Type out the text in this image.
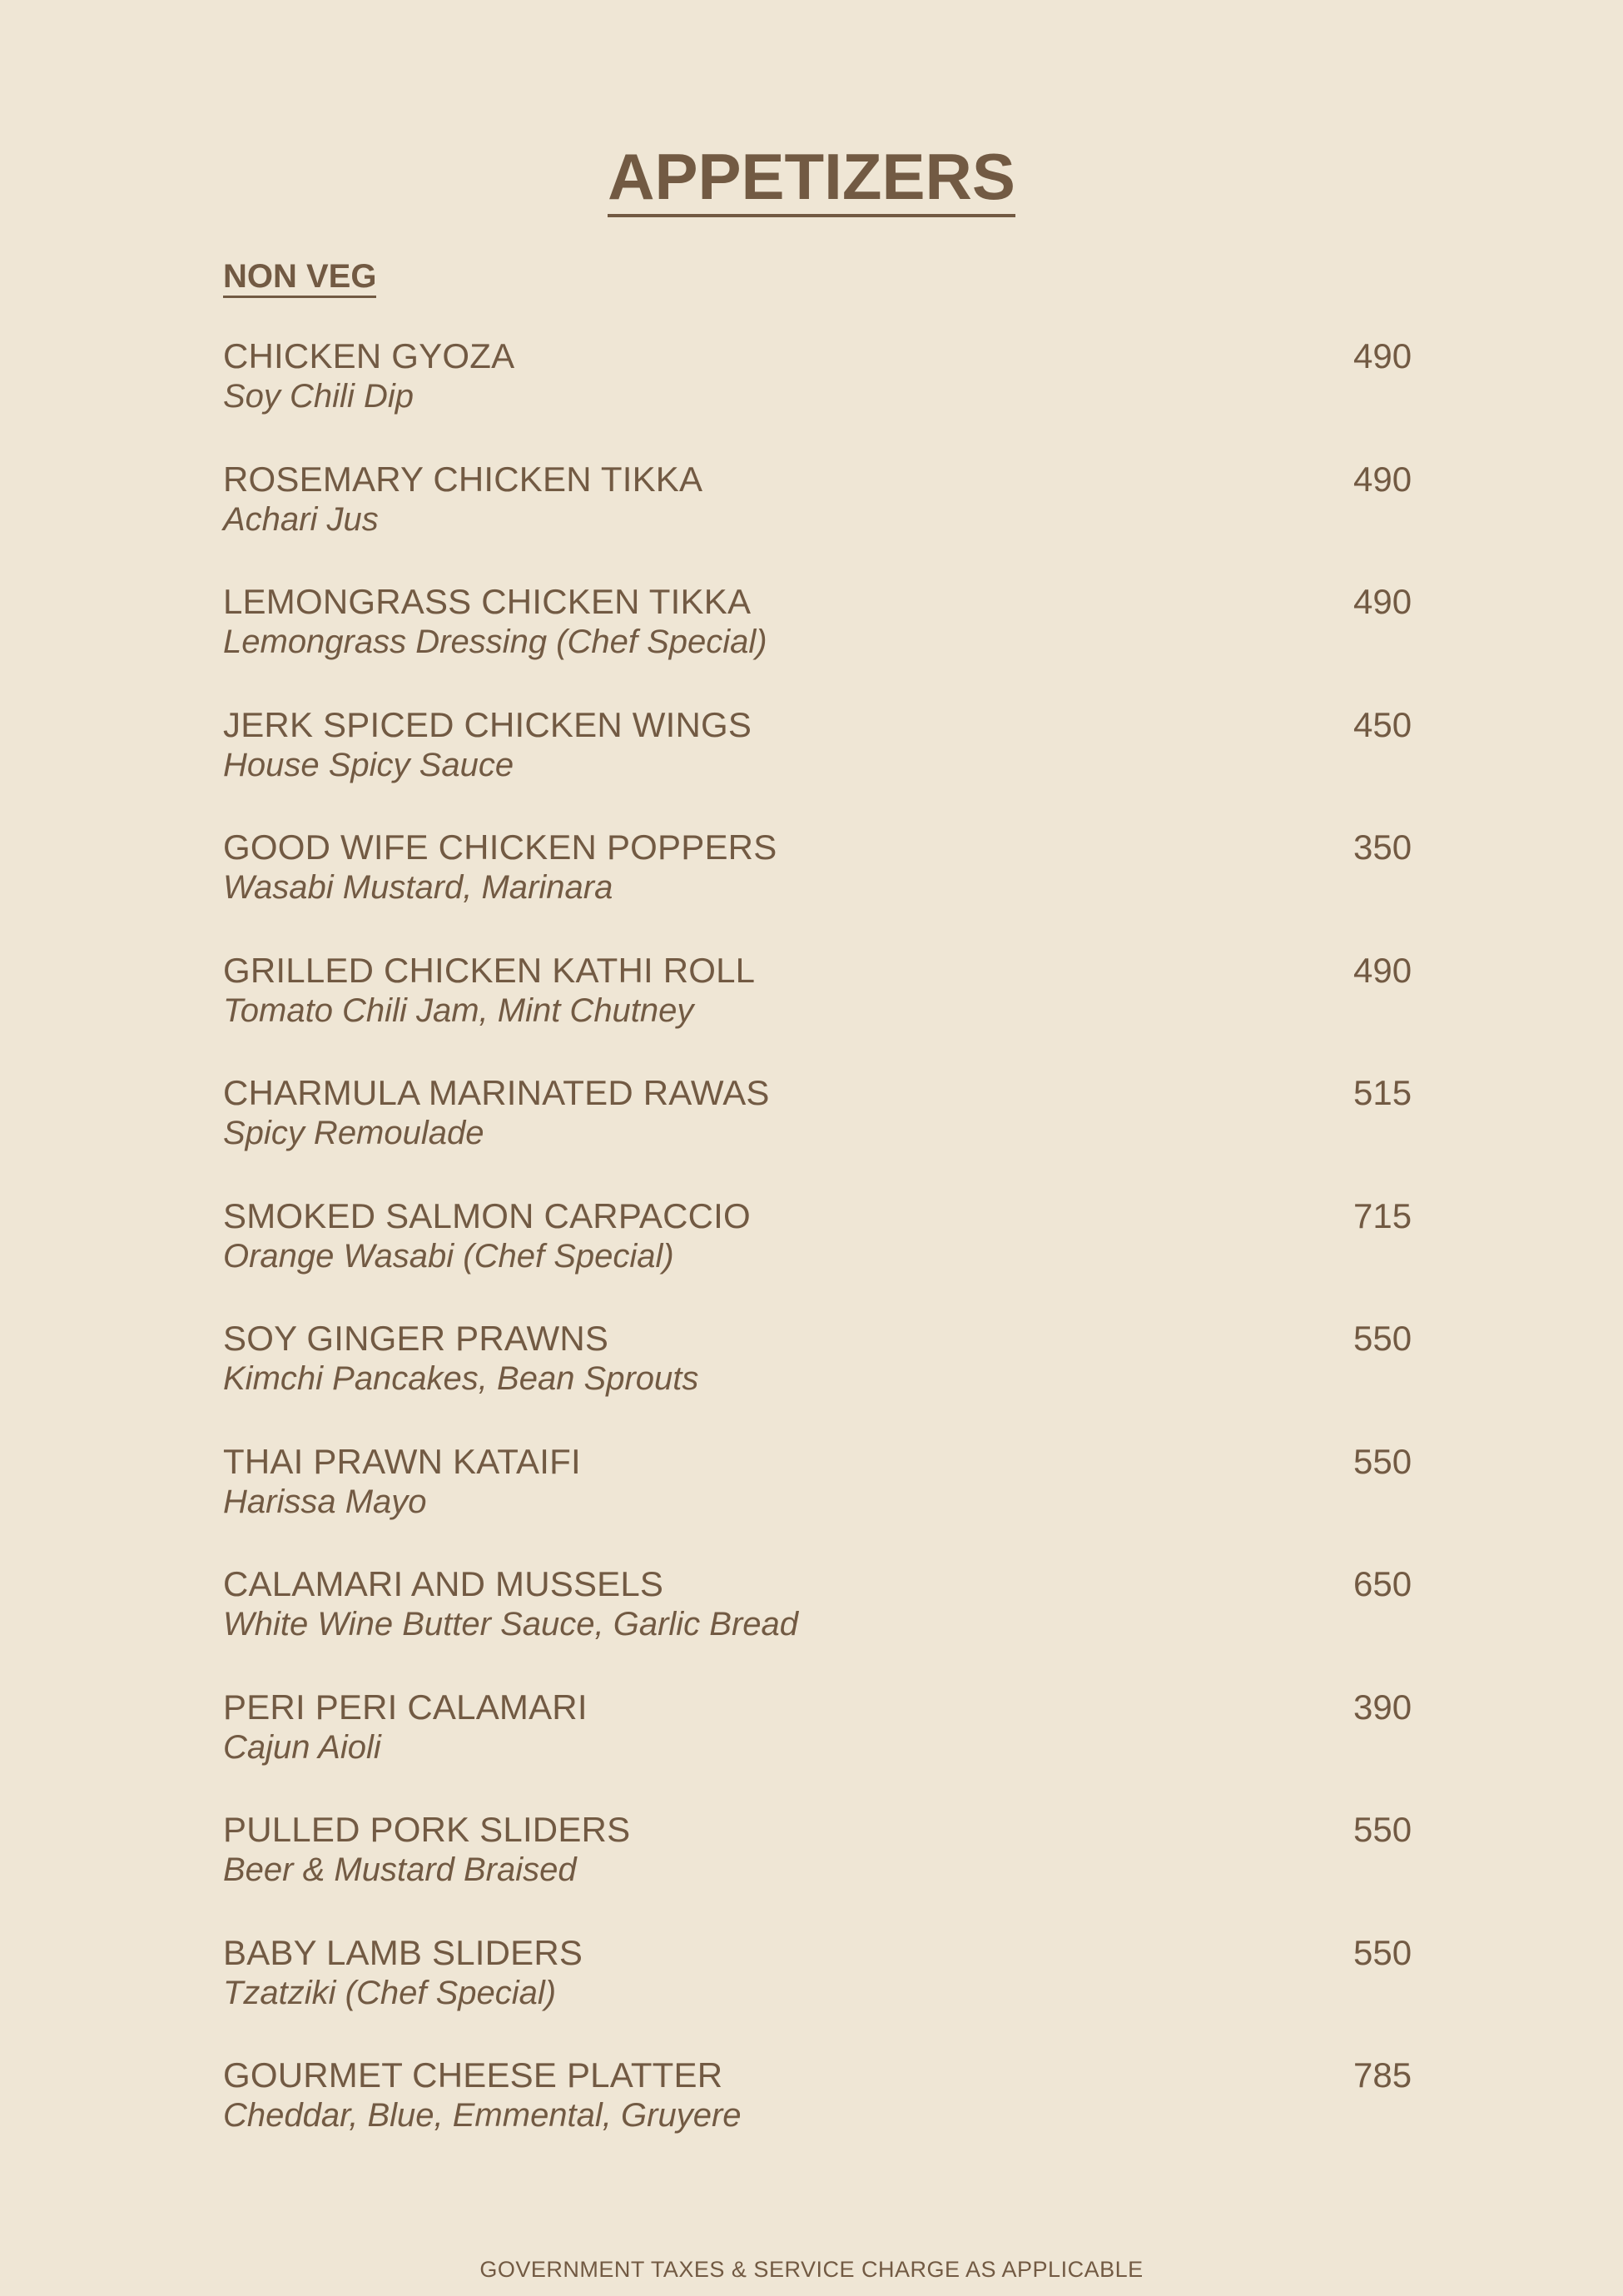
APPETIZERS
NON VEG
CHICKEN GYOZA
Soy Chili Dip
490
ROSEMARY CHICKEN TIKKA
Achari Jus
490
LEMONGRASS CHICKEN TIKKA
Lemongrass Dressing (Chef Special)
490
JERK SPICED CHICKEN WINGS
House Spicy Sauce
450
GOOD WIFE CHICKEN POPPERS
Wasabi Mustard, Marinara
350
GRILLED CHICKEN KATHI ROLL
Tomato Chili Jam, Mint Chutney
490
CHARMULA MARINATED RAWAS
Spicy Remoulade
515
SMOKED SALMON CARPACCIO
Orange Wasabi (Chef Special)
715
SOY GINGER PRAWNS
Kimchi Pancakes, Bean Sprouts
550
THAI PRAWN KATAIFI
Harissa Mayo
550
CALAMARI AND MUSSELS
White Wine Butter Sauce, Garlic Bread
650
PERI PERI CALAMARI
Cajun Aioli
390
PULLED PORK SLIDERS
Beer & Mustard Braised
550
BABY LAMB SLIDERS
Tzatziki (Chef Special)
550
GOURMET CHEESE PLATTER
Cheddar, Blue, Emmental, Gruyere
785
GOVERNMENT TAXES & SERVICE CHARGE AS APPLICABLE
